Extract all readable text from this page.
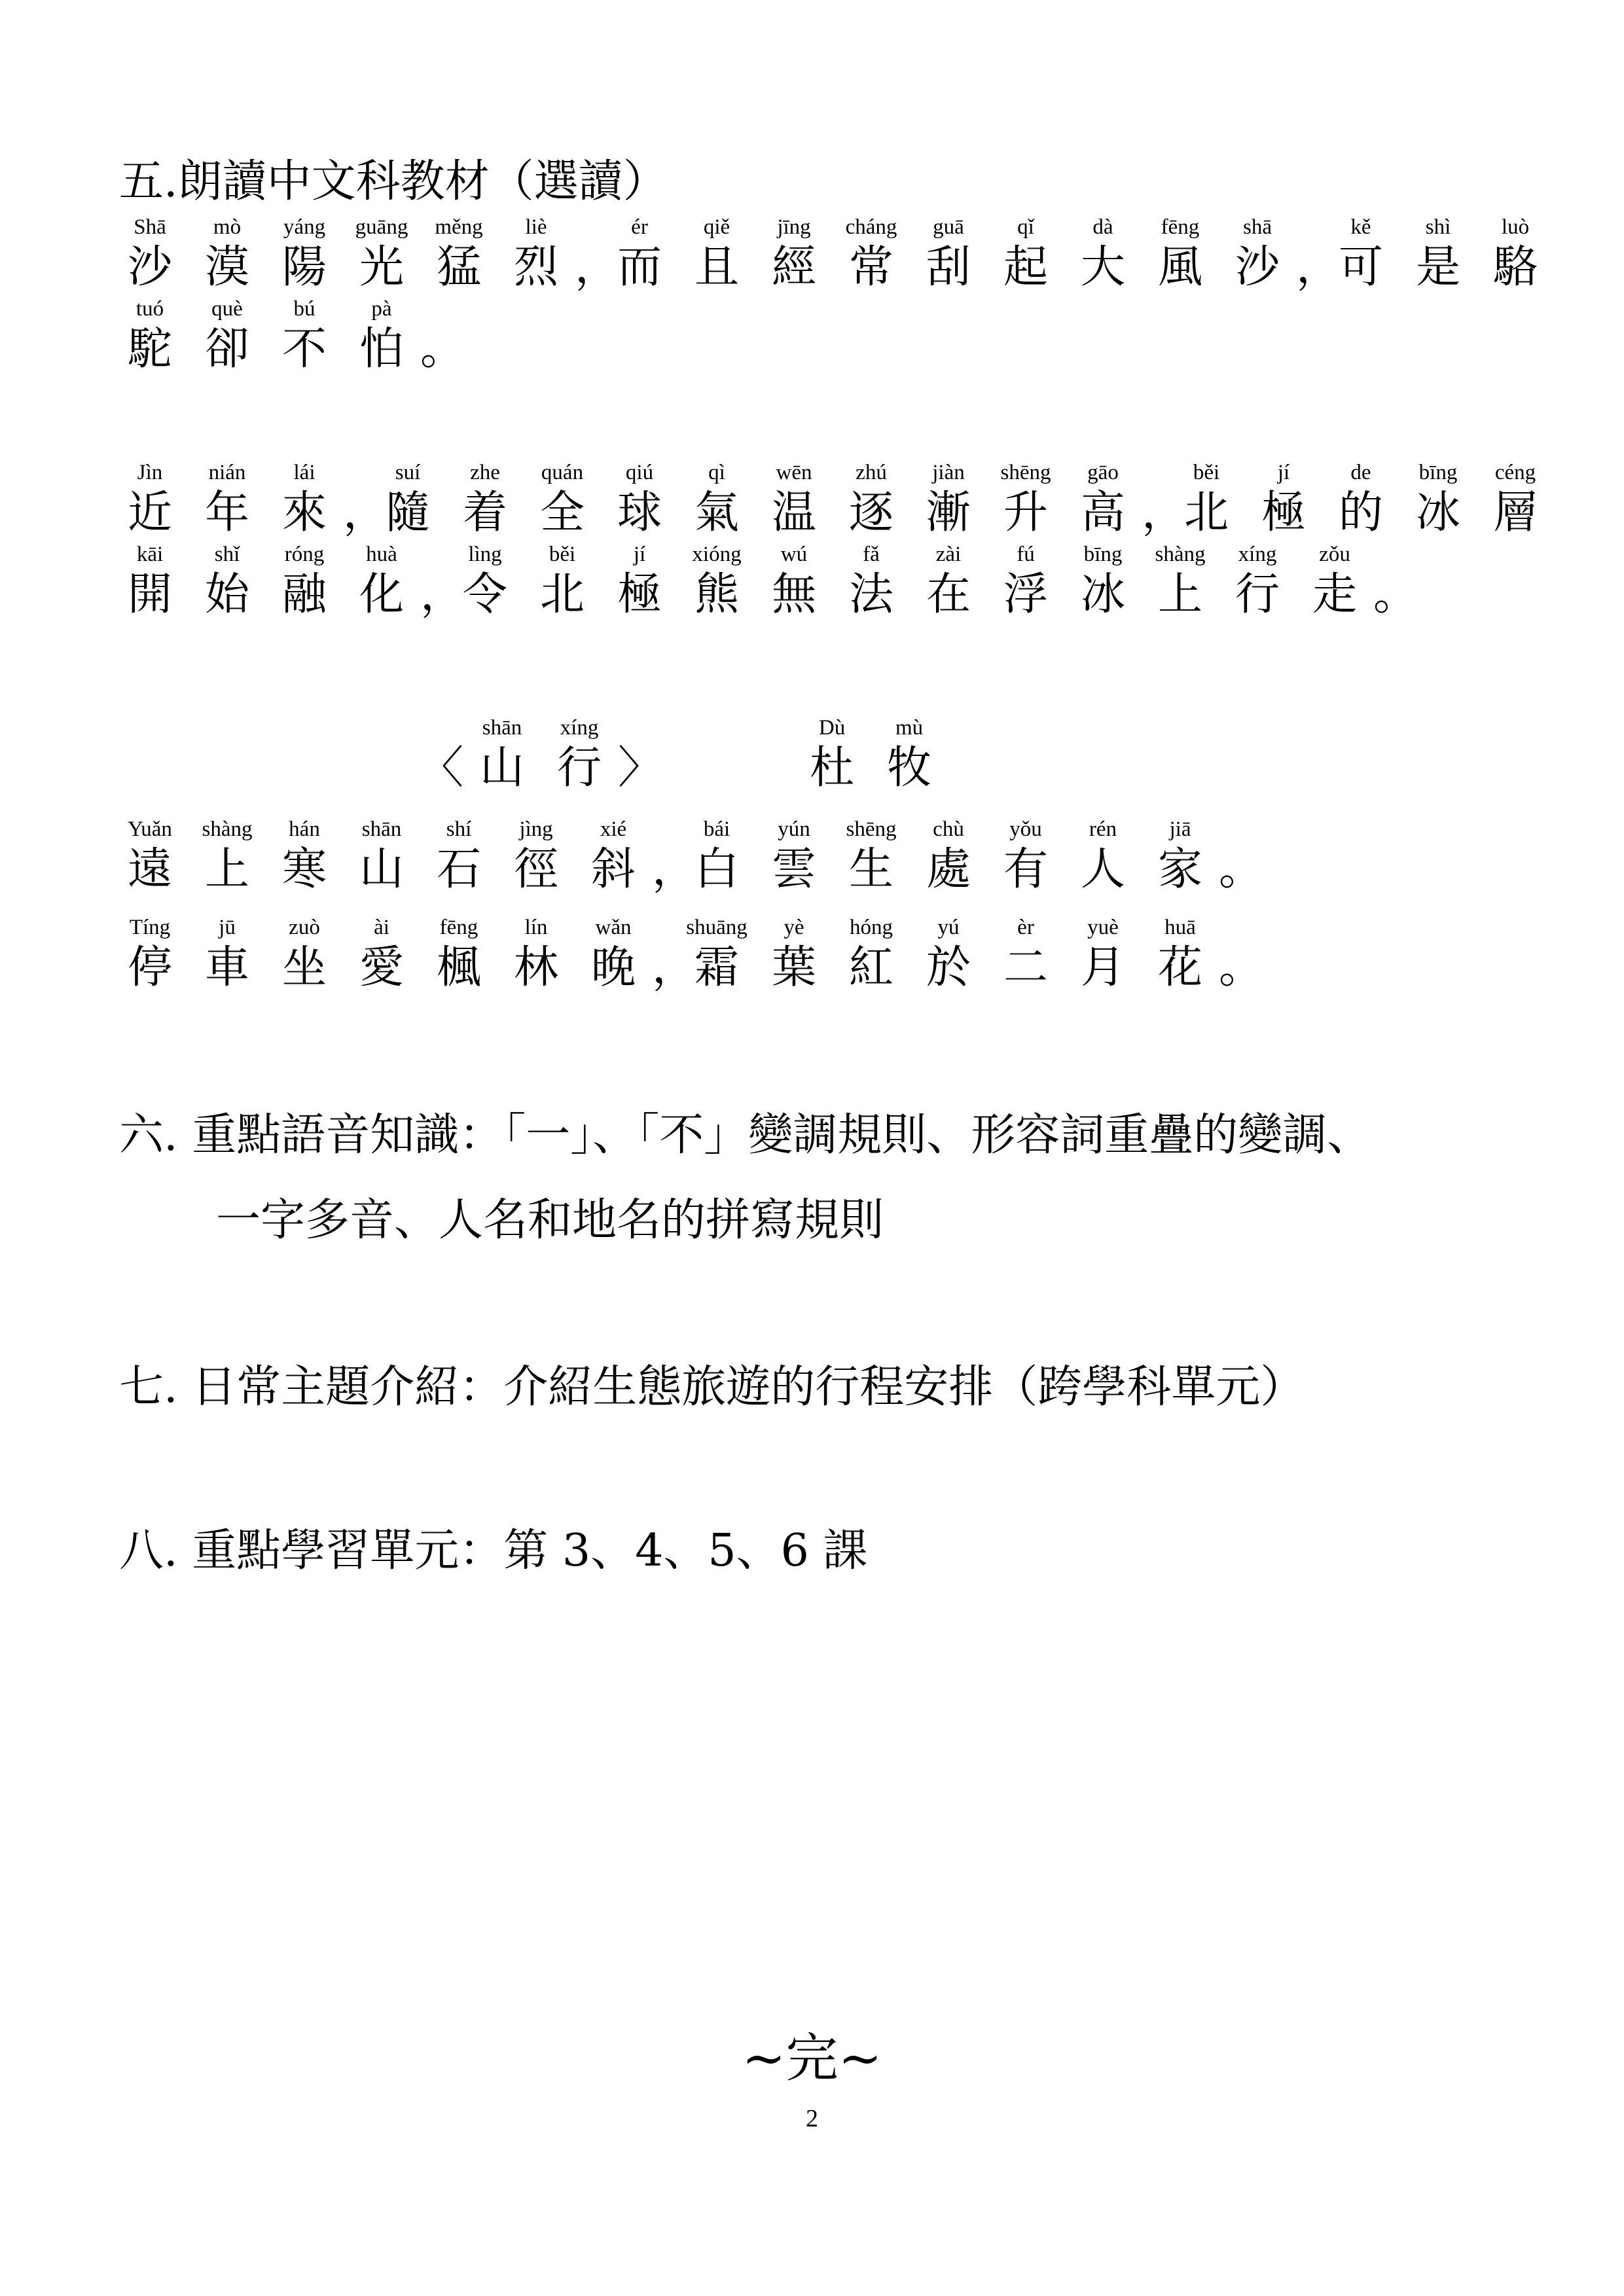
五.朗讀中文科教材（選讀）
Shā
沙
mò
漠
yáng
陽
guāng
光
měng
猛
liè
烈 ，
ér
而
qiě
且
jīng
經
cháng
常
guā
刮
qǐ
起
dà
大
fēng
風
shā
沙 ，
kě
可
shì
是
luò
駱
tuó
駝
què
卻
bú
不
pà
怕 。
Jìn
近
nián
年
lái
來 ，
suí
隨
zhe
着
quán
全
qiú
球
qì
氣
wēn
温
zhú
逐
jiàn
漸
shēng
升
gāo
高 ，
běi
北
jí
極
de
的
bīng
冰
céng
層
kāi
開
shǐ
始
róng
融
huà
化 ，
lìng
令
běi
北
jí
極
xióng
熊
wú
無
fǎ
法
zài
在
fú
浮
bīng
冰
shàng
上
xíng
行
zǒu
走 。
〈
shān
山
xíng
行 〉
Dù
杜
mù
牧
Yuǎn
遠
shàng
上
hán
寒
shān
山
shí
石
jìng
徑
xié
斜 ，
bái
白
yún
雲
shēng
生
chù
處
yǒu
有
rén
人
jiā
家 。
Tíng
停
jū
車
zuò
坐
ài
愛
fēng
楓
lín
林
wǎn
晚 ，
shuāng
霜
yè
葉
hóng
紅
yú
於
èr
二
yuè
月
huā
花 。
六. 重點語音知識：「一」、「不」變調規則、形容詞重疊的變調、
一字多音、人名和地名的拼寫規則
七. 日常主題介紹：介紹生態旅遊的行程安排（跨學科單元）
八. 重點學習單元：第 3、4、5、6 課
~完~
2
